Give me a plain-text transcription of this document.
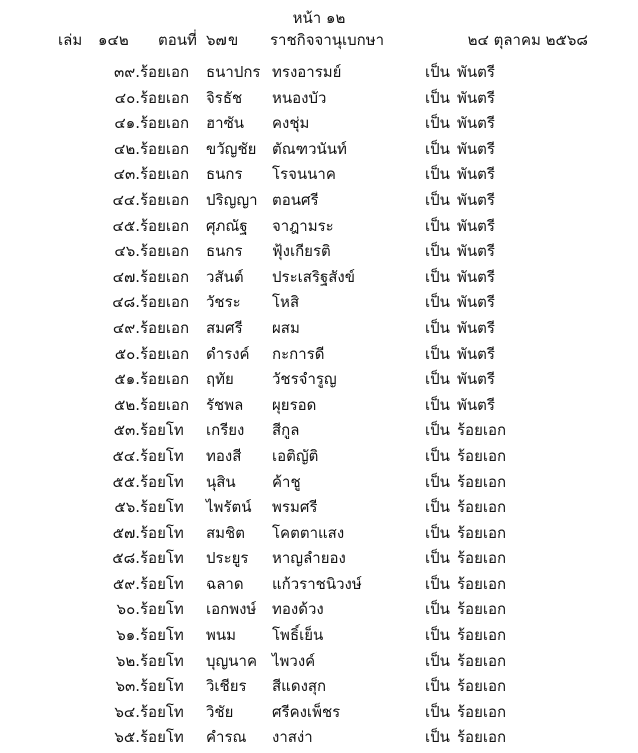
หน้า ๑๒
เล่ม ๑๔๒ ตอนที่ ๖๗ ข ราชกิจจานุเบกษา	๒๔ ตุลาคม ๒๕๖๘
๓๙. ร้อยเอก ธนาปกร ทรงอารมย์	เป็น พันตรี
๔๐. ร้อยเอก จิรธัช หนองบัว	เป็น พันตรี
๔๑. ร้อยเอก ฮาซัน คงชุ่ม	เป็น พันตรี
๔๒. ร้อยเอก ขวัญชัย ตัณฑวนันท์	เป็น พันตรี
๔๓. ร้อยเอก ธนกร โรจนนาค	เป็น พันตรี
๔๔. ร้อยเอก ปริญญา ตอนศรี	เป็น พันตรี
๔๕. ร้อยเอก ศุภณัฐ จาฎามระ	เป็น พันตรี
๔๖. ร้อยเอก ธนกร ฟุ้งเกียรติ	เป็น พันตรี
๔๗. ร้อยเอก วสันต์ ประเสริฐสังข์	เป็น พันตรี
๔๘. ร้อยเอก วัชระ โหสิ	เป็น พันตรี
๔๙. ร้อยเอก สมศรี ผสม	เป็น พันตรี
๕๐. ร้อยเอก ดำรงค์ กะการดี	เป็น พันตรี
๕๑. ร้อยเอก ฤทัย	วัชรจำรูญ	เป็น พันตรี
๕๒. ร้อยเอก รัชพล ผุยรอด	เป็น พันตรี
๕๓. ร้อยโท เกรียง สีกูล	เป็น ร้อยเอก
๕๔. ร้อยโท ทองสี เอติญัติ	เป็น ร้อยเอก
๕๕. ร้อยโท นุสิน ค้าชู	เป็น ร้อยเอก
๕๖. ร้อยโท ไพรัตน์ พรมศรี	เป็น ร้อยเอก
๕๗. ร้อยโท สมชิต โคตตาแสง	เป็น ร้อยเอก
๕๘. ร้อยโท ประยูร หาญลำยอง	เป็น ร้อยเอก
๕๙. ร้อยโท ฉลาด แก้วราชนิวงษ์	เป็น ร้อยเอก
๖๐. ร้อยโท เอกพงษ์ ทองด้วง	เป็น ร้อยเอก
๖๑. ร้อยโท พนม โพธิ์เย็น	เป็น ร้อยเอก
๖๒. ร้อยโท บุญนาค ไพวงค์	เป็น ร้อยเอก
๖๓. ร้อยโท วิเชียร สีแดงสุก	เป็น ร้อยเอก
๖๔. ร้อยโท วิชัย	ศรีคงเพ็ชร	เป็น ร้อยเอก
๖๕. ร้อยโท คำรณ งาสง่า	เป็น ร้อยเอก
